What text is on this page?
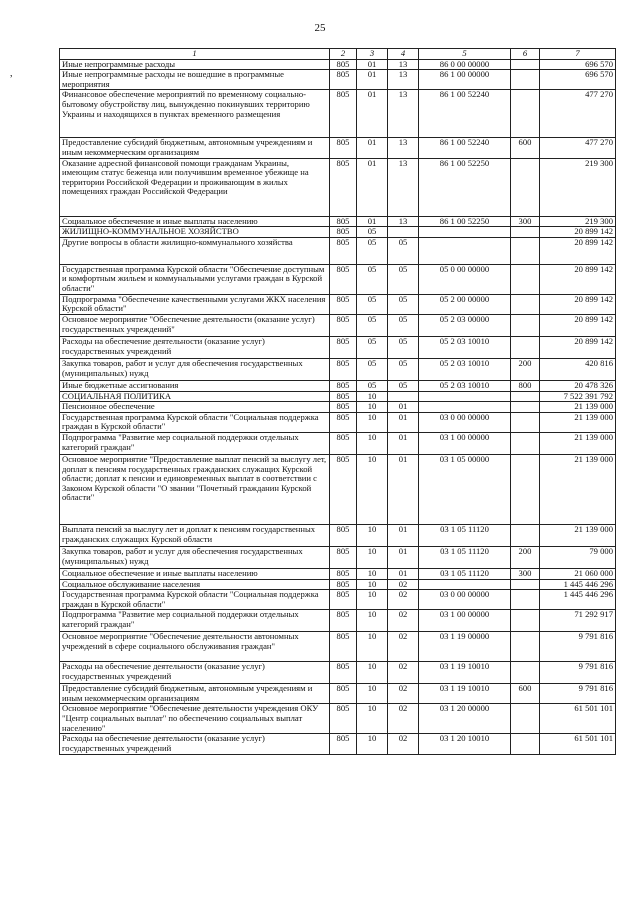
25
,
1	2	3	4	5	6	7
Иные непрограммные расходы	805	01	13	86 0 00 00000		696 570
Иные непрограммные расходы не вошедшие в программные мероприятия	805	01	13	86 1 00 00000		696 570
Финансовое обеспечение мероприятий по временному социально-бытовому обустройству лиц, вынужденно покинувших территорию Украины и находящихся в пунктах временного размещения	805	01	13	86 1 00 52240		477 270
Предоставление субсидий бюджетным, автономным учреждениям и иным некоммерческим организациям	805	01	13	86 1 00 52240	600	477 270
Оказание адресной финансовой помощи гражданам Украины, имеющим статус беженца или получившим временное убежище на территории Российской Федерации и проживающим в жилых помещениях граждан Российской Федерации	805	01	13	86 1 00 52250		219 300
Социальное обеспечение и иные выплаты населению	805	01	13	86 1 00 52250	300	219 300
ЖИЛИЩНО-КОММУНАЛЬНОЕ ХОЗЯЙСТВО	805	05				20 899 142
Другие вопросы в области жилищно-коммунального хозяйства	805	05	05			20 899 142
Государственная программа Курской области "Обеспечение доступным и комфортным жильем и коммунальными услугами граждан в Курской области"	805	05	05	05 0 00 00000		20 899 142
Подпрограмма "Обеспечение качественными услугами ЖКХ населения Курской области"	805	05	05	05 2 00 00000		20 899 142
Основное мероприятие "Обеспечение деятельности (оказание услуг) государственных учреждений"	805	05	05	05 2 03 00000		20 899 142
Расходы на обеспечение деятельности (оказание услуг) государственных учреждений	805	05	05	05 2 03 10010		20 899 142
Закупка товаров, работ и услуг для обеспечения государственных (муниципальных) нужд	805	05	05	05 2 03 10010	200	420 816
Иные бюджетные ассигнования	805	05	05	05 2 03 10010	800	20 478 326
СОЦИАЛЬНАЯ ПОЛИТИКА	805	10				7 522 391 792
Пенсионное обеспечение	805	10	01			21 139 000
Государственная программа Курской области "Социальная поддержка граждан в Курской области"	805	10	01	03 0 00 00000		21 139 000
Подпрограмма "Развитие мер социальной поддержки отдельных категорий граждан"	805	10	01	03 1 00 00000		21 139 000
Основное мероприятие "Предоставление выплат пенсий за выслугу лет, доплат к пенсиям государственных гражданских служащих Курской области; доплат к пенсии и единовременных выплат в соответствии с Законом Курской области "О звании "Почетный гражданин Курской области"	805	10	01	03 1 05 00000		21 139 000
Выплата пенсий за выслугу лет и доплат к пенсиям государственных гражданских служащих Курской области	805	10	01	03 1 05 11120		21 139 000
Закупка товаров, работ и услуг для обеспечения государственных (муниципальных) нужд	805	10	01	03 1 05 11120	200	79 000
Социальное обеспечение и иные выплаты населению	805	10	01	03 1 05 11120	300	21 060 000
Социальное обслуживание населения	805	10	02			1 445 446 296
Государственная программа Курской области "Социальная поддержка граждан в Курской области"	805	10	02	03 0 00 00000		1 445 446 296
Подпрограмма "Развитие мер социальной поддержки отдельных категорий граждан"	805	10	02	03 1 00 00000		71 292 917
Основное мероприятие "Обеспечение деятельности автономных учреждений в сфере социального обслуживания граждан"	805	10	02	03 1 19 00000		9 791 816
Расходы на обеспечение деятельности (оказание услуг) государственных учреждений	805	10	02	03 1 19 10010		9 791 816
Предоставление субсидий бюджетным, автономным учреждениям и иным некоммерческим организациям	805	10	02	03 1 19 10010	600	9 791 816
Основное мероприятие "Обеспечение деятельности учреждения ОКУ "Центр социальных выплат" по обеспечению социальных выплат населению"	805	10	02	03 1 20 00000		61 501 101
Расходы на обеспечение деятельности (оказание услуг) государственных учреждений	805	10	02	03 1 20 10010		61 501 101
